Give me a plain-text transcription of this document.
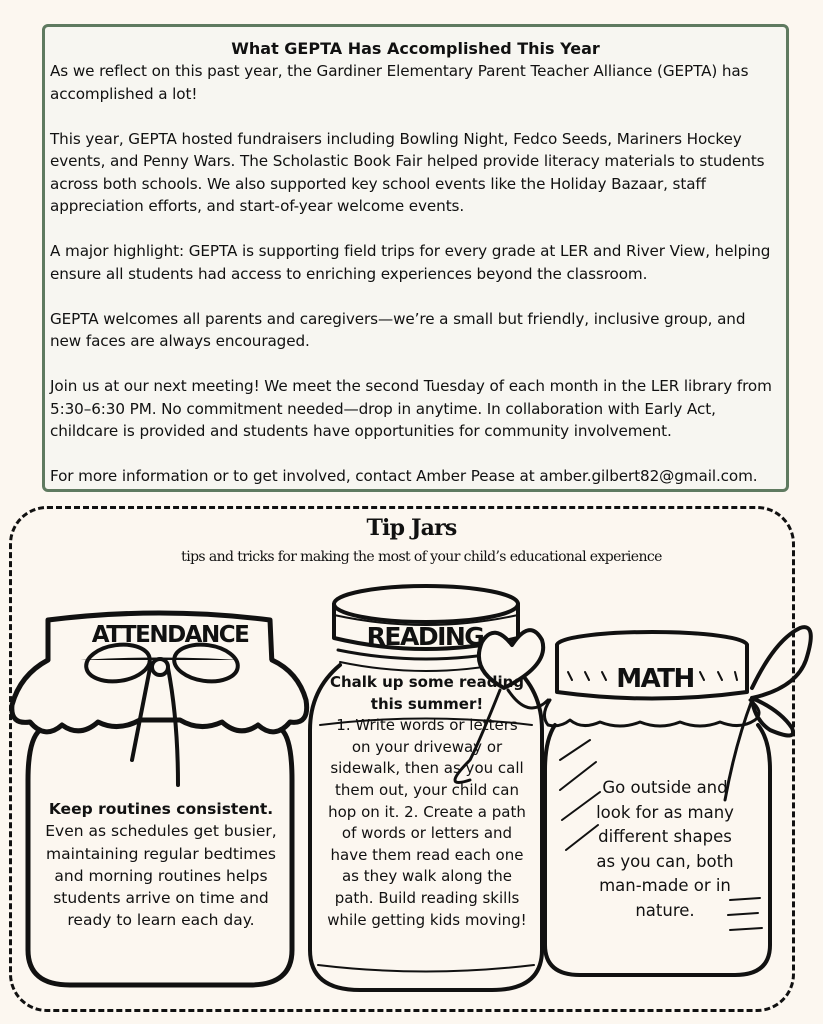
What GEPTA Has Accomplished This Year

As we reflect on this past year, the Gardiner Elementary Parent Teacher Alliance (GEPTA) has accomplished a lot!

This year, GEPTA hosted fundraisers including Bowling Night, Fedco Seeds, Mariners Hockey events, and Penny Wars. The Scholastic Book Fair helped provide literacy materials to students across both schools. We also supported key school events like the Holiday Bazaar, staff appreciation efforts, and start-of-year welcome events.

A major highlight: GEPTA is supporting field trips for every grade at LER and River View, helping ensure all students had access to enriching experiences beyond the classroom.

GEPTA welcomes all parents and caregivers—we’re a small but friendly, inclusive group, and new faces are always encouraged.

Join us at our next meeting! We meet the second Tuesday of each month in the LER library from 5:30–6:30 PM. No commitment needed—drop in anytime. In collaboration with Early Act, childcare is provided and students have opportunities for community involvement.

For more information or to get involved, contact Amber Pease at amber.gilbert82@gmail.com.

Tip Jars
tips and tricks for making the most of your child’s educational experience
ATTENDANCE	READING
MATH
Keep routines consistent.
Even as schedules get busier, maintaining regular bedtimes and morning routines helps students arrive on time and ready to learn each day.
Chalk up some reading this summer!
1. Write words or letters on your driveway or sidewalk, then as you call them out, your child can hop on it. 2. Create a path of words or letters and have them read each one as they walk along the path. Build reading skills while getting kids moving!
Go outside and look for as many different shapes as you can, both man-made or in nature.
